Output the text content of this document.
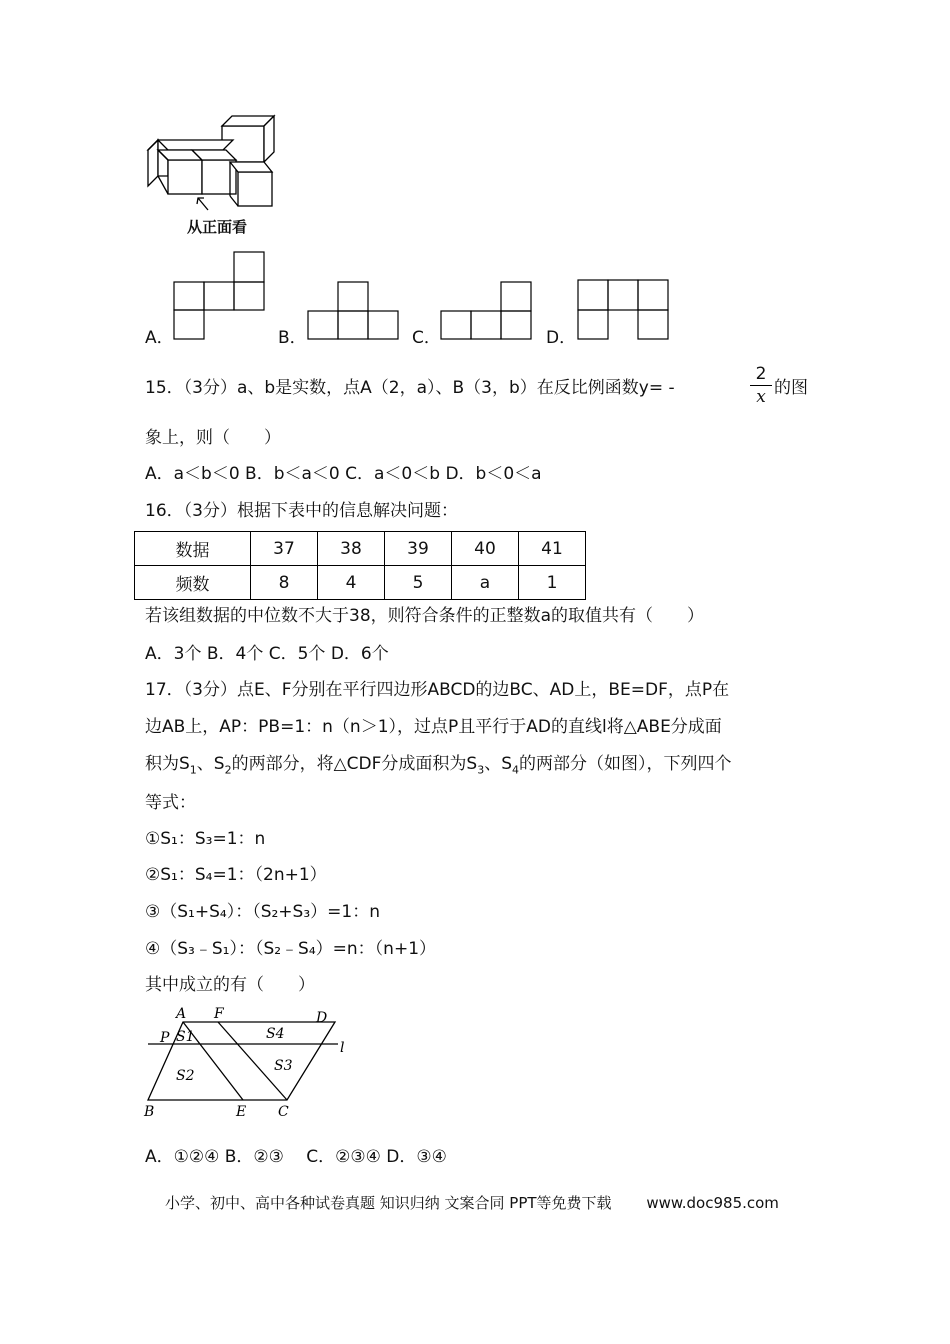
从正面看
A．	B．	C．	D．
15．（3分）a、b是实数，点A（2，a）、B（3，b）在反比例函数y= -
2
x 的图
象上，则（　　）
A．a＜b＜0 B．b＜a＜0 C．a＜0＜b D．b＜0＜a
16．（3分）根据下表中的信息解决问题：
数据	37	38	39	40	41
频数	8	4	5	a	1
若该组数据的中位数不大于38，则符合条件的正整数a的取值共有（　　）
A．3个 B．4个 C．5个 D．6个
17．（3分）点E、F分别在平行四边形ABCD的边BC、AD上，BE=DF，点P在
边AB上，AP：PB=1：n（n＞1），过点P且平行于AD的直线l将△ABE分成面
积为$S_1$、$S_2$的两部分，将△CDF分成面积为$S_3$、$S_4$的两部分（如图），下列四个
等式：
①S₁：S₃=1：n
②S₁：S₄=1：（2n+1）
③（S₁+S₄）：（S₂+S₃）=1：n
④（S₃﹣S₁）：（S₂﹣S₄）=n：（n+1）
其中成立的有（　　）
A F	D
P
l
B	E C
S1	S4
S3
S2
A．①②④ B．②③　 C．②③④ D．③④
小学、初中、高中各种试卷真题 知识归纳 文案合同 PPT等免费下载 www.doc985.com
